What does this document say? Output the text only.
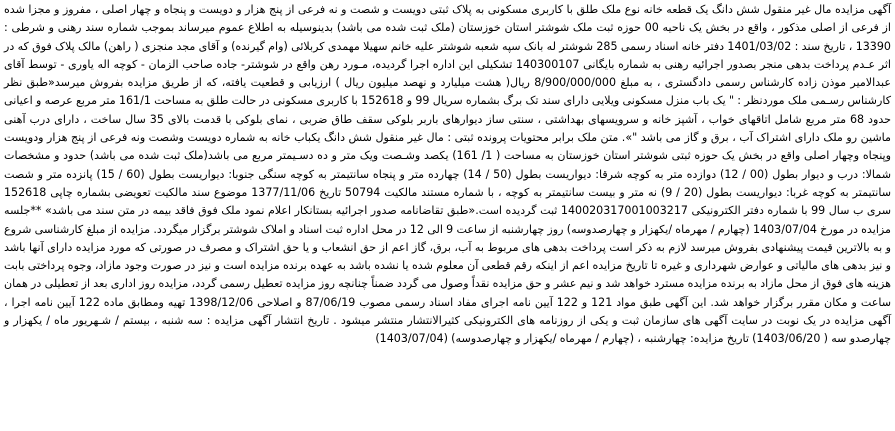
آگهی مزایده مال غیر منقول شش دانگ یک قطعه خانه نوع ملک طلق با کاربری مسکونی به پلاک ثبتی دویست و شصت و نه فرعی از پنج هزار و دویست و پنجاه و چهار اصلی ، مفروز و مجزا شده از فرعی از اصلی مذکور ، واقع در بخش یک ناحیه 00 حوزه ثبت ملک شوشتر استان خوزستان (ملک ثبت شده می باشد) بدینوسیله به اطلاع عموم میرساند بموجب شماره سند رهنی و شرطی : 13390 ، تاریخ سند : 1401/03/02 دفتر خانه اسناد رسمی 285 شوشتر له بانک سپه شعبه شوشتر علیه خانم سهیلا مهمدی کربلائی (وام گیرنده) و آقای مجد منجزی ( راهن) مالک پلاک فوق که در اثر عـدم پرداخت بدهی منجر بصدور اجرائیه رهنی به شماره بایگانی 140300107 تشکیلی این اداره اجرا گردیده، مـورد رهن واقع در شوشتر- جاده صاحب الزمان - کوچه اله یاوری - توسط آقای عبدالامیر موذن زاده کارشناس رسمی دادگستری ، به مبلغ 8/900/000/000 ریال( هشت میلیارد و نهصد میلیون ریال ) ارزیابی و قطعیت یافته، که از طریق مزایده بفروش میرسد«طبق نظر کارشناس رسـمی ملک موردنظر : " یک باب منزل مسکونی ویلایی دارای سند تک برگ بشماره سریال 99 و 152618 با کاربری مسکونی در حالت طلق به مساحت 161/1 متر مربع عرصه و اعیانی حدود 68 متر مربع شامل اتاقهای خواب ، آشپز خانه و سرویسهای بهداشتی ، سنتی ساز دیوارهای باربر بلوکی سقف طاق ضربی ، نمای بلوکی با قدمت بالای 35 سال ساخت ، دارای درب آهنی ماشین رو ملک دارای اشتراک آب ، برق و گاز می باشد "». متن ملک برابر محتویات پرونده ثبتی : مال غیر منقول شش دانگ یکباب خانه به شماره دویست وشصت ونه فرعی از پنج هزار ودویست وپنجاه وچهار اصلی واقع در بخش یک حوزه ثبتی شوشتر استان خوزستان به مساحت ( 1/ 161) یکصد وشـصت ویک متر و ده دسـیمتر مربع می باشد(ملک ثبت شده می باشد) حدود و مشخصات شمالا: درب و دیوار بطول (00 / 12) دوازده متر به کوچه شرقا: دیواریست بطول (50 / 14) چهارده متر و پنجاه سانتیمتر به کوچه سنگی جنوبا: دیواریست بطول (60 / 15) پانزده متر و شصت سانتیمتر به کوچه غربا: دیواریست بطول (20 / 9) نه متر و بیست سانتیمتر به کوچه ، با شماره مستند مالکیت 50794 تاریخ 1377/11/06 موضوع سند مالکیت تعویضی بشماره چاپی 152618 سری ب سال 99 با شماره دفتر الکترونیکی 140020317001003217 ثبت گردیده است.«طبق تقاضانامه صدور اجرائیه بستانکار اعلام نمود ملک فوق فاقد بیمه در متن سند می باشد» **جلسه مزایده در مورخ 1403/07/04 (چهارم / مهرماه /یکهزار و چهارصدوسه) روز چهارشنبه از ساعت 9 الی 12 در محل اداره ثبت اسناد و املاک شوشتر برگزار میگردد. مزایده از مبلغ کارشناسی شروع و به بالاترین قیمت پیشنهادی بفروش میرسد لازم به ذکر است پرداخت بدهی های مربوط به آب، برق، گاز اعم از حق انشعاب و یا حق اشتراک و مصرف در صورتی که مورد مزایده دارای آنها باشد و نیز بدهی های مالیاتی و عوارض شهرداری و غیره تا تاریخ مزایده اعم از اینکه رقم قطعی آن معلوم شده یا نشده باشد به عهده برنده مزایده است و نیز در صورت وجود مازاد، وجوه پرداختی بابت هزینه های فوق از محل مازاد به برنده مزایده مسترد خواهد شد و نیم عشر و حق مزایده نقداً وصول می گردد ضمناً چنانچه روز مزایده تعطیل رسمی گردد، مزایده روز اداری بعد از تعطیلی در همان ساعت و مکان مقرر برگزار خواهد شد. این آگهی طبق مواد 121 و 122 آیین نامه اجرای مفاد اسناد رسمی مصوب 87/06/19 و اصلاحی 1398/12/06 تهیه ومطابق ماده 122 آیین نامه اجرا ، آگهی مزایده در یک نوبت در سایت آگهی های سازمان ثبت و یکی از روزنامه های الکترونیکی کثیرالانتشار منتشر میشود . تاریخ انتشار آگهی مزایده : سه شنبه ، بیستم / شـهریور ماه / یکهزار و چهارصدو سه ( 1403/06/20) تاریخ مزایده: چهارشنبه ، (چهارم / مهرماه /یکهزار و چهارصدوسه) (1403/07/04)
